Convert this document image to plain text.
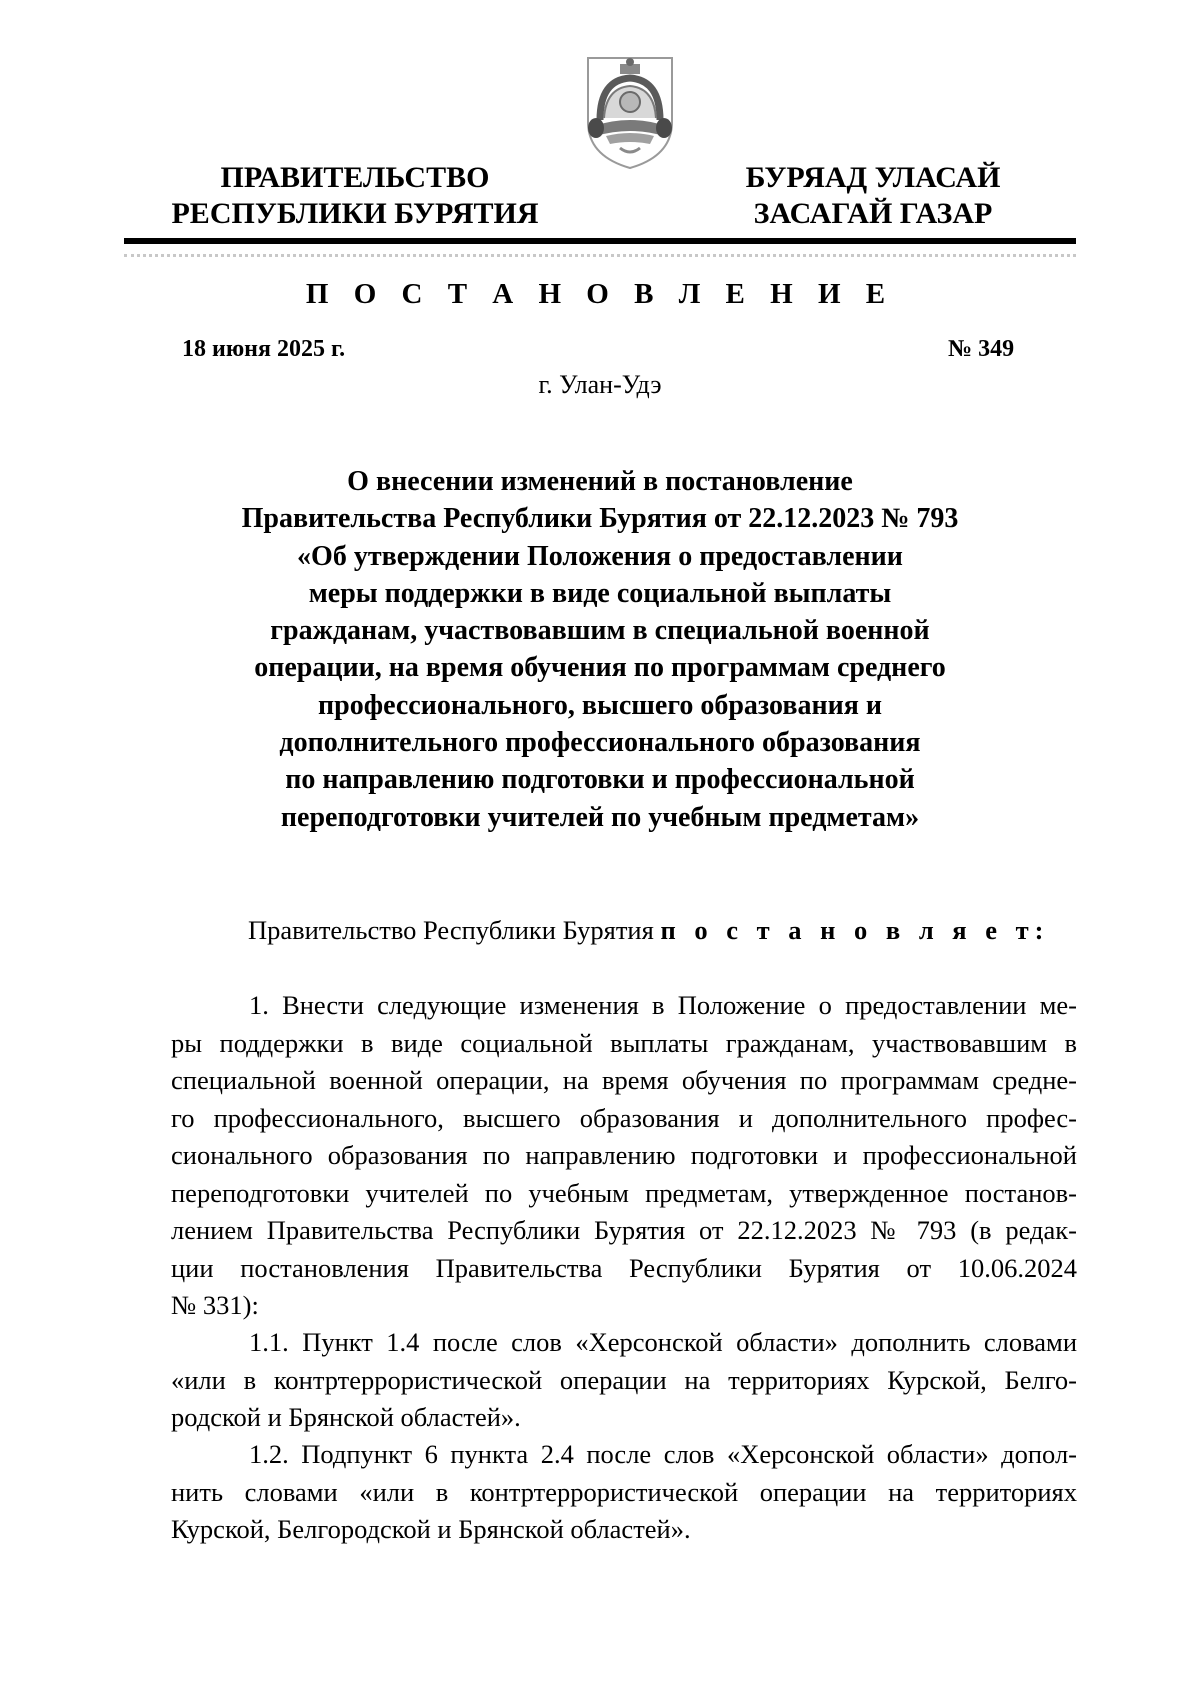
ПРАВИТЕЛЬСТВО
РЕСПУБЛИКИ БУРЯТИЯ
БУРЯАД УЛАСАЙ
ЗАСАГАЙ ГАЗАР
П О С Т А Н О В Л Е Н И Е
18 июня 2025 г.	№ 349
г. Улан-Удэ
О внесении изменений в постановление
Правительства Республики Бурятия от 22.12.2023 № 793
«Об утверждении Положения о предоставлении
меры поддержки в виде социальной выплаты
гражданам, участвовавшим в специальной военной
операции, на время обучения по программам среднего
профессионального, высшего образования и
дополнительного профессионального образования
по направлению подготовки и профессиональной
переподготовки учителей по учебным предметам»
Правительство Республики Бурятия п о с т а н о в л я е т:
1. Внести следующие изменения в Положение о предоставлении ме-
ры поддержки в виде социальной выплаты гражданам, участвовавшим в
специальной военной операции, на время обучения по программам средне-
го профессионального, высшего образования и дополнительного профес-
сионального образования по направлению подготовки и профессиональной
переподготовки учителей по учебным предметам, утвержденное постанов-
лением Правительства Республики Бурятия от 22.12.2023 № 793 (в редак-
ции постановления Правительства Республики Бурятия от 10.06.2024
№ 331):
1.1. Пункт 1.4 после слов «Херсонской области» дополнить словами
«или в контртеррористической операции на территориях Курской, Белго-
родской и Брянской областей».
1.2. Подпункт 6 пункта 2.4 после слов «Херсонской области» допол-
нить словами «или в контртеррористической операции на территориях
Курской, Белгородской и Брянской областей».
